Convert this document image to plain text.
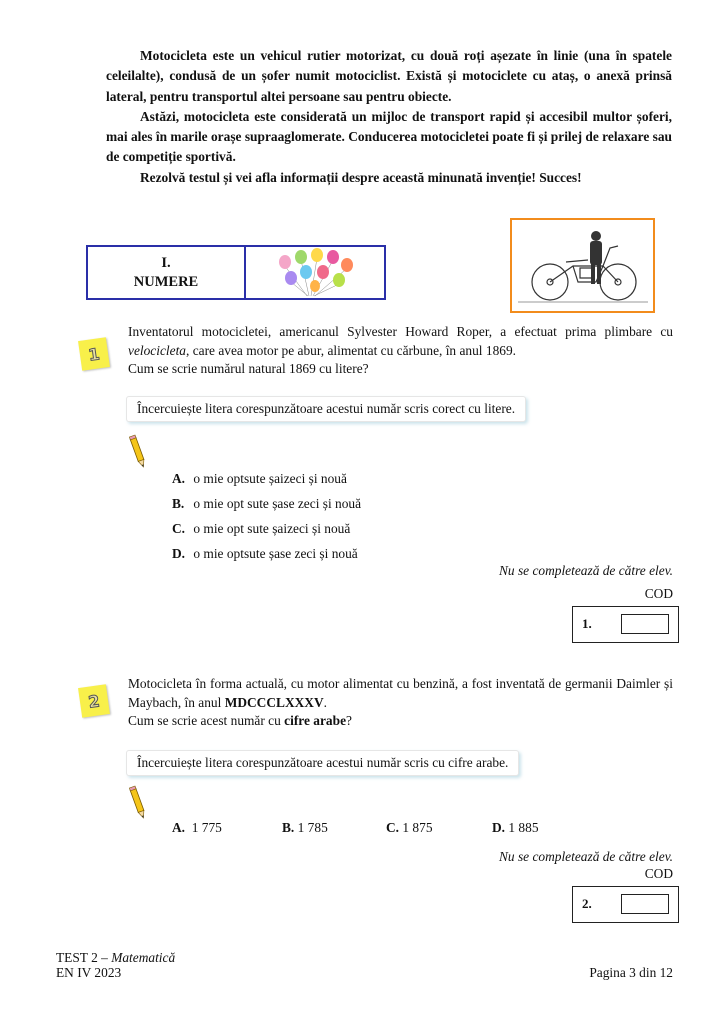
Motocicleta este un vehicul rutier motorizat, cu două roți așezate în linie (una în spatele celeilalte), condusă de un șofer numit motociclist. Există și motociclete cu ataș, o anexă prinsă lateral, pentru transportul altei persoane sau pentru obiecte.

Astăzi, motocicleta este considerată un mijloc de transport rapid și accesibil multor șoferi, mai ales în marile orașe supraaglomerate. Conducerea motocicletei poate fi și prilej de relaxare sau de competiție sportivă.

Rezolvă testul și vei afla informații despre această minunată invenție! Succes!

I.
NUMERE
1

Inventatorul motocicletei, americanul Sylvester Howard Roper, a efectuat prima plimbare cu velocicleta, care avea motor pe abur, alimentat cu cărbune, în anul 1869.

Cum se scrie numărul natural 1869 cu litere?

Încercuiește litera corespunzătoare acestui număr scris corect cu litere.
A. o mie optsute șaizeci și nouă
B. o mie opt sute șase zeci și nouă
C. o mie opt sute șaizeci și nouă
D. o mie optsute șase zeci și nouă
Nu se completează de către elev.
COD
1.
2

Motocicleta în forma actuală, cu motor alimentat cu benzină, a fost inventată de germanii Daimler și Maybach, în anul MDCCCLXXXV.

Cum se scrie acest număr cu cifre arabe?

Încercuiește litera corespunzătoare acestui număr scris cu cifre arabe.
A. 1 775	B. 1 785	C. 1 875	D. 1 885
Nu se completează de către elev.
COD
2.
TEST 2 – Matematică
EN IV 2023	Pagina 3 din 12
